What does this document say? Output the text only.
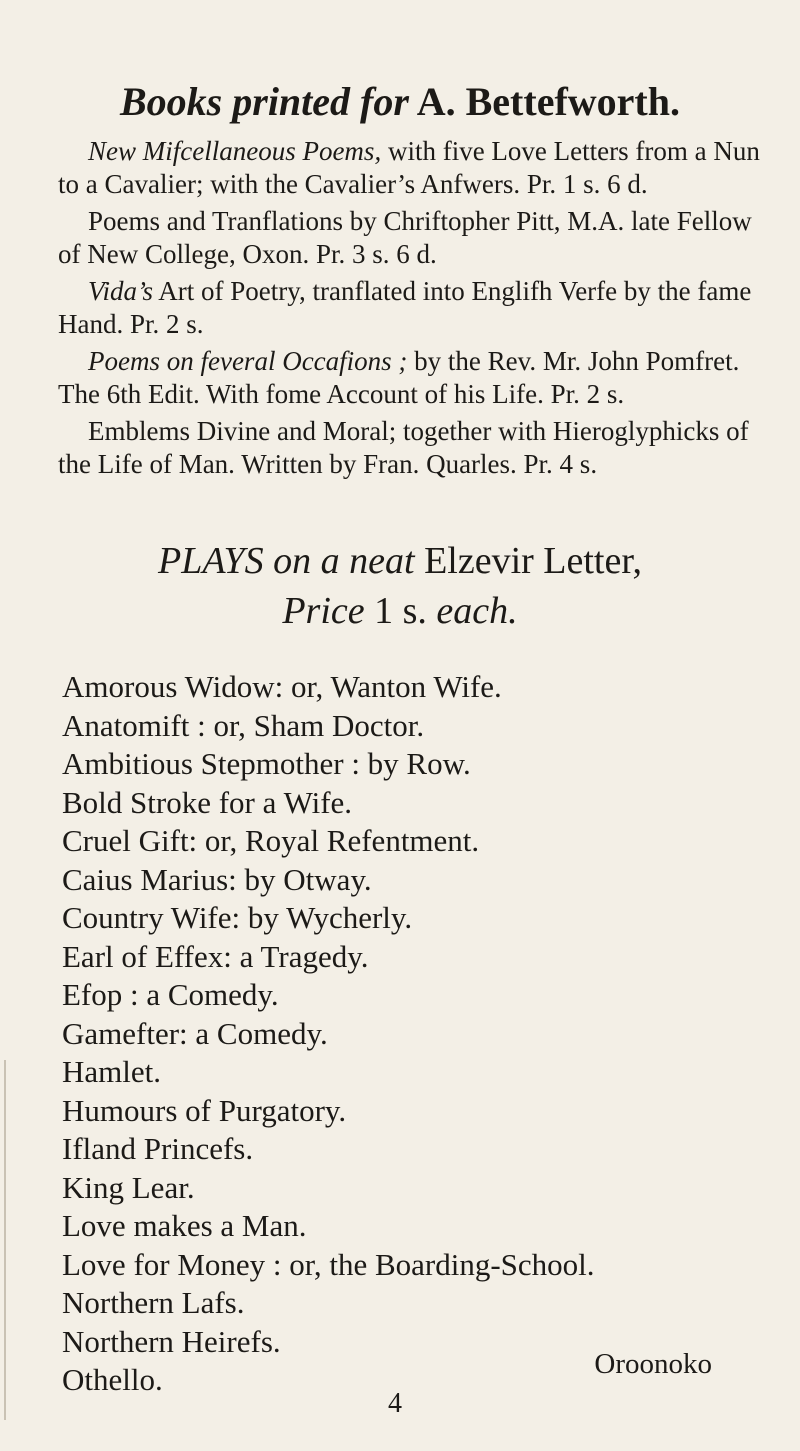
Books printed for A. Bettefworth.

New Mifcellaneous Poems, with five Love Letters from a Nun to a Cavalier; with the Cavalier’s Anfwers. Pr. 1 s. 6 d.

Poems and Tranflations by Chriftopher Pitt, M.A. late Fellow of New College, Oxon. Pr. 3 s. 6 d.

Vida’s Art of Poetry, tranflated into Englifh Verfe by the fame Hand. Pr. 2 s.

Poems on feveral Occafions ; by the Rev. Mr. John Pomfret. The 6th Edit. With fome Account of his Life. Pr. 2 s.

Emblems Divine and Moral; together with Hieroglyphicks of the Life of Man. Written by Fran. Quarles. Pr. 4 s.

PLAYS on a neat Elzevir Letter,
Price 1 s. each.
Amorous Widow: or, Wanton Wife.
Anatomift : or, Sham Doctor.
Ambitious Stepmother : by Row.
Bold Stroke for a Wife.
Cruel Gift: or, Royal Refentment.
Caius Marius: by Otway.
Country Wife: by Wycherly.
Earl of Effex: a Tragedy.
Efop : a Comedy.
Gamefter: a Comedy.
Hamlet.
Humours of Purgatory.
Ifland Princefs.
King Lear.
Love makes a Man.
Love for Money : or, the Boarding-School.
Northern Lafs.
Northern Heirefs.
Othello.	Oroonoko
4
